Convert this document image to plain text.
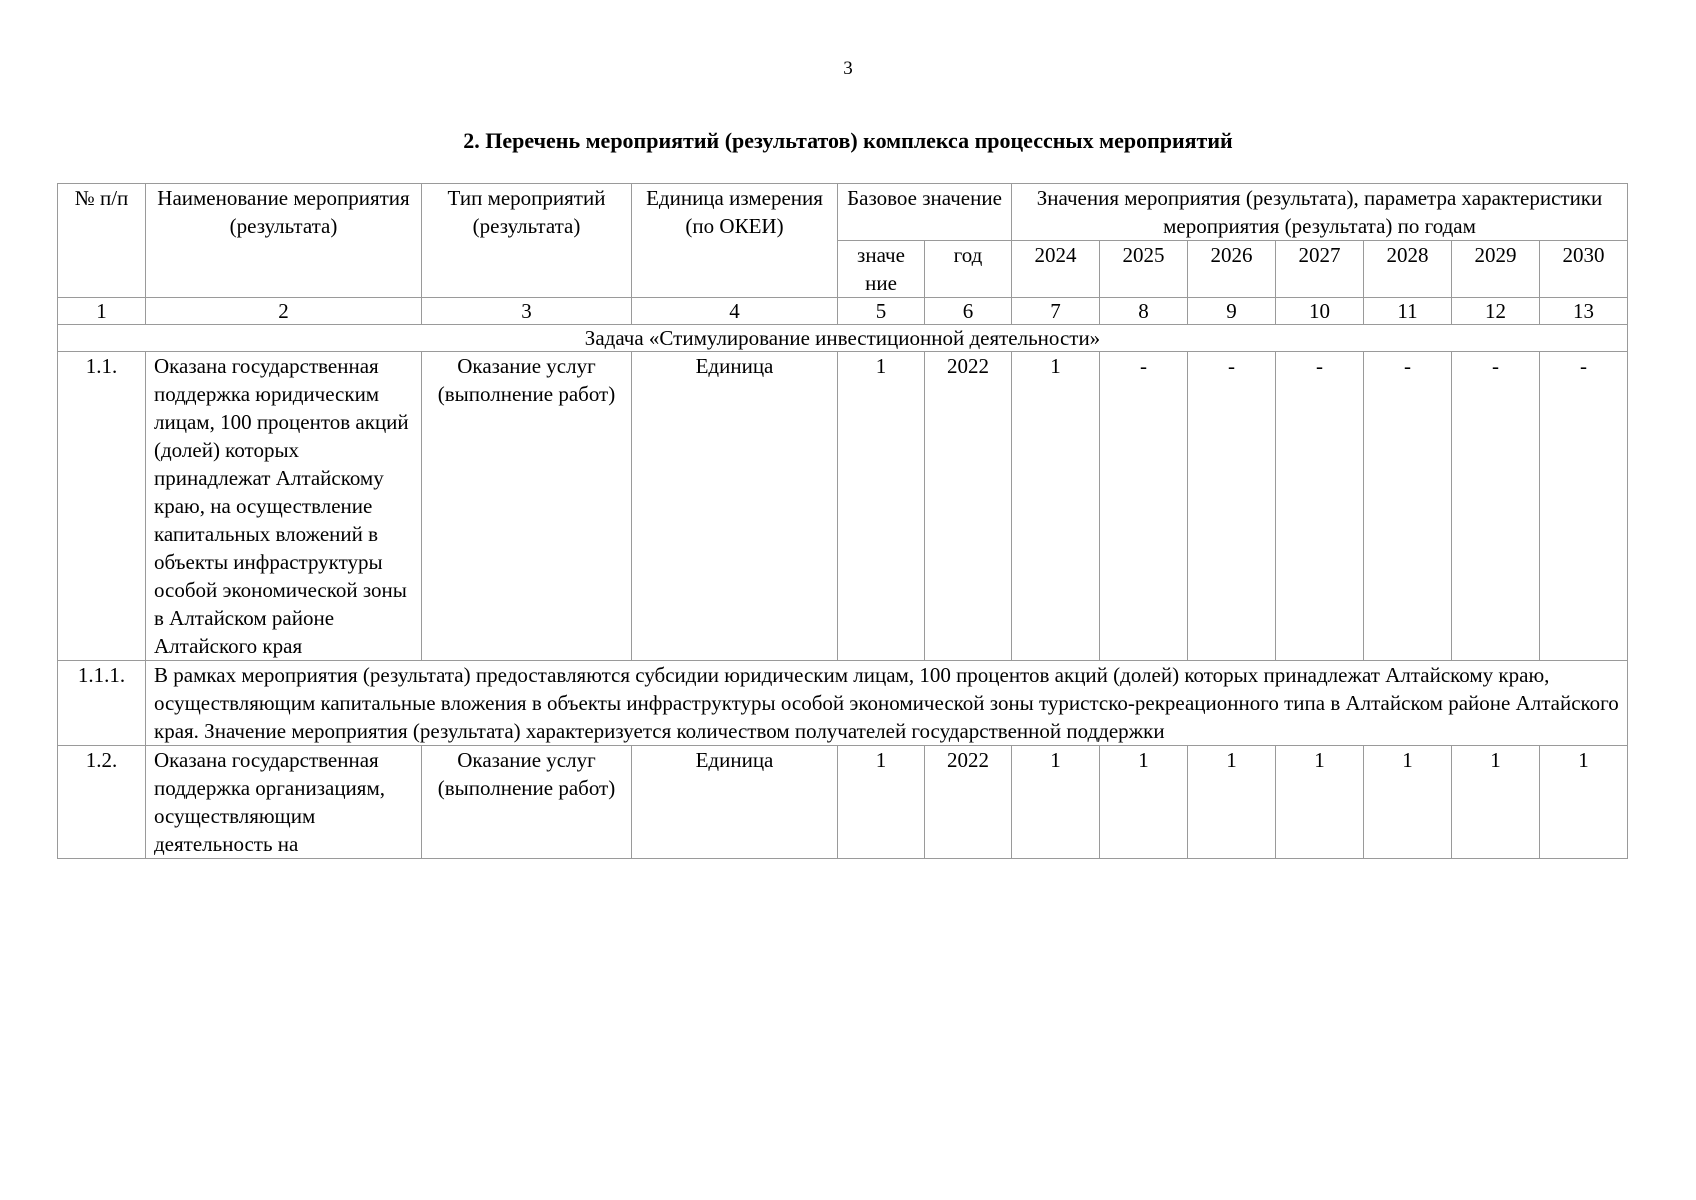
3
2. Перечень мероприятий (результатов) комплекса процессных мероприятий
№ п/п	Наименование мероприятия (результата)	Тип мероприятий (результата)	Единица измерения (по ОКЕИ)	Базовое значение		Значения мероприятия (результата), параметра характеристики мероприятия (результата) по годам						
				значе ние	год	2024	2025	2026	2027	2028	2029	2030
1	2	3	4	5	6	7	8	9	10	11	12	13
Задача «Стимулирование инвестиционной деятельности»												
1.1.	Оказана государственная поддержка юридическим лицам, 100 процентов акций (долей) которых принадлежат Алтайскому краю, на осуществление капитальных вложений в объекты инфраструктуры особой экономической зоны в Алтайском районе Алтайского края	Оказание услуг (выполнение работ)	Единица	1	2022	1	-	-	-	-	-	-
1.1.1.	В рамках мероприятия (результата) предоставляются субсидии юридическим лицам, 100 процентов акций (долей) которых принадлежат Алтайскому краю, осуществляющим капитальные вложения в объекты инфраструктуры особой экономической зоны туристско-рекреационного типа в Алтайском районе Алтайского края. Значение мероприятия (результата) характеризуется количеством получателей государственной поддержки											
1.2.	Оказана государственная поддержка организациям, осуществляющим деятельность на	Оказание услуг (выполнение работ)	Единица	1	2022	1	1	1	1	1	1	1
